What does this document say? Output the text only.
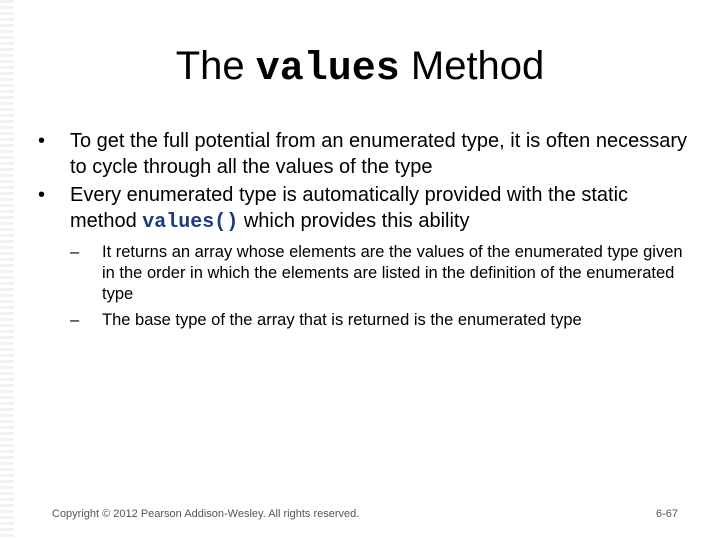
The values Method
• To get the full potential from an enumerated type, it is often necessary to cycle through all the values of the type
• Every enumerated type is automatically provided with the static method values() which provides this ability
– It returns an array whose elements are the values of the enumerated type given in the order in which the elements are listed in the definition of the enumerated type
– The base type of the array that is returned is the enumerated type
Copyright © 2012 Pearson Addison-Wesley. All rights reserved.	6-67
